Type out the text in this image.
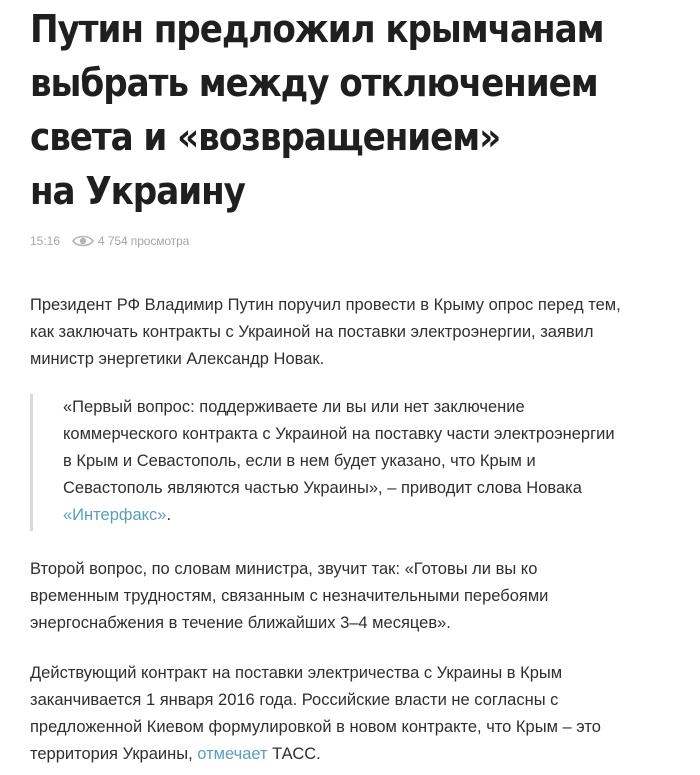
Путин предложил крымчанам
выбрать между отключением
света и «возвращением»
на Украину
15:16	4 754 просмотра
Президент РФ Владимир Путин поручил провести в Крыму опрос перед тем,
как заключать контракты с Украиной на поставки электроэнергии, заявил
министр энергетики Александр Новак.
«Первый вопрос: поддерживаете ли вы или нет заключение
коммерческого контракта с Украиной на поставку части электроэнергии
в Крым и Севастополь, если в нем будет указано, что Крым и
Севастополь являются частью Украины», – приводит слова Новака
«Интерфакс».
Второй вопрос, по словам министра, звучит так: «Готовы ли вы ко
временным трудностям, связанным с незначительными перебоями
энергоснабжения в течение ближайших 3–4 месяцев».
Действующий контракт на поставки электричества с Украины в Крым
заканчивается 1 января 2016 года. Российские власти не согласны с
предложенной Киевом формулировкой в новом контракте, что Крым – это
территория Украины, отмечает ТАСС.
